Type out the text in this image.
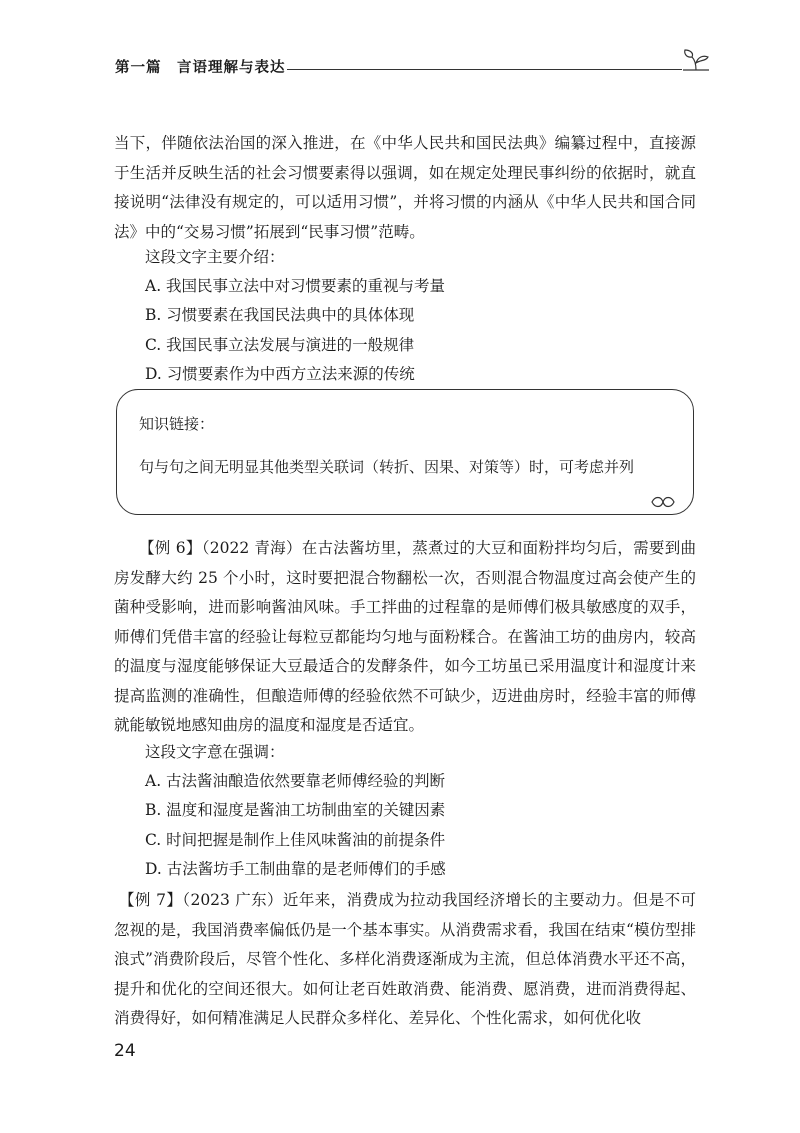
第一篇　言语理解与表达

当下，伴随依法治国的深入推进，在《中华人民共和国民法典》编纂过程中，直接源于生活并反映生活的社会习惯要素得以强调，如在规定处理民事纠纷的依据时，就直接说明“法律没有规定的，可以适用习惯”，并将习惯的内涵从《中华人民共和国合同法》中的“交易习惯”拓展到“民事习惯”范畴。

这段文字主要介绍：
A. 我国民事立法中对习惯要素的重视与考量
B. 习惯要素在我国民法典中的具体体现
C. 我国民事立法发展与演进的一般规律
D. 习惯要素作为中西方立法来源的传统
知识链接：
句与句之间无明显其他类型关联词（转折、因果、对策等）时，可考虑并列

【例 6】（2022 青海）在古法酱坊里，蒸煮过的大豆和面粉拌均匀后，需要到曲房发酵大约 25 个小时，这时要把混合物翻松一次，否则混合物温度过高会使产生的菌种受影响，进而影响酱油风味。手工拌曲的过程靠的是师傅们极具敏感度的双手，师傅们凭借丰富的经验让每粒豆都能均匀地与面粉糅合。在酱油工坊的曲房内，较高的温度与湿度能够保证大豆最适合的发酵条件，如今工坊虽已采用温度计和湿度计来提高监测的准确性，但酿造师傅的经验依然不可缺少，迈进曲房时，经验丰富的师傅就能敏锐地感知曲房的温度和湿度是否适宜。

这段文字意在强调：
A. 古法酱油酿造依然要靠老师傅经验的判断
B. 温度和湿度是酱油工坊制曲室的关键因素
C. 时间把握是制作上佳风味酱油的前提条件
D. 古法酱坊手工制曲靠的是老师傅们的手感

【例 7】（2023 广东）近年来，消费成为拉动我国经济增长的主要动力。但是不可忽视的是，我国消费率偏低仍是一个基本事实。从消费需求看，我国在结束“模仿型排浪式”消费阶段后，尽管个性化、多样化消费逐渐成为主流，但总体消费水平还不高，提升和优化的空间还很大。如何让老百姓敢消费、能消费、愿消费，进而消费得起、消费得好，如何精准满足人民群众多样化、差异化、个性化需求，如何优化收

24
